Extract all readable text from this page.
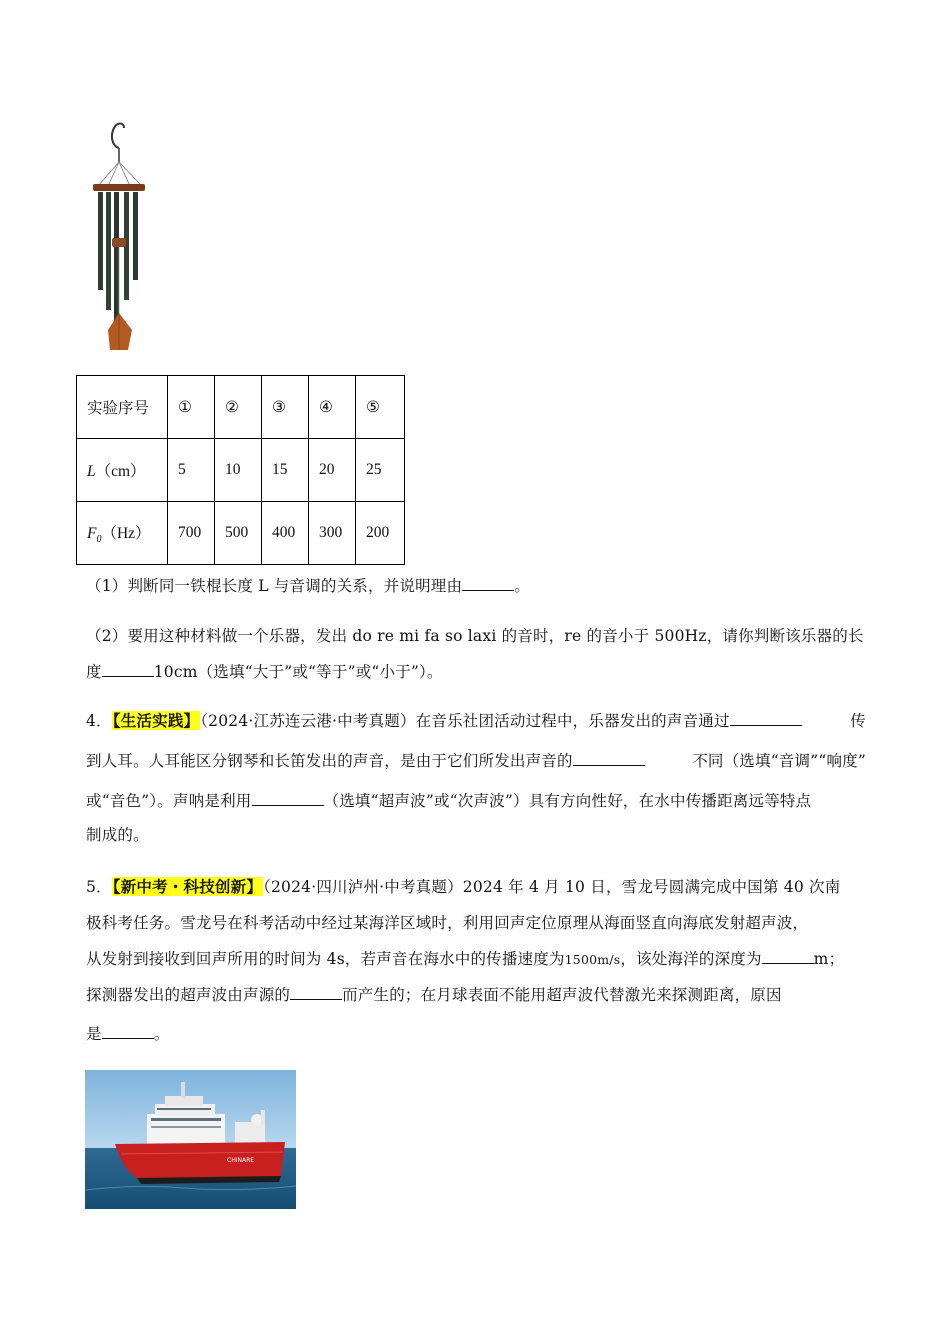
实验序号	①	②	③	④	⑤
L（cm）	5	10	15	20	25
$F_0(Hz)$	700	500	400	300	200
（1）判断同一铁棍长度 L 与音调的关系，并说明理由	。
（2）要用这种材料做一个乐器，发出 do re mi fa so laxi 的音时，re 的音小于 500Hz，请你判断该乐器的长
度	10cm（选填“大于”或“等于”或“小于”）。
4．【生活实践】（2024·江苏连云港·中考真题）在音乐社团活动过程中，乐器发出的声音通过	传
到人耳。人耳能区分钢琴和长笛发出的声音，是由于它们所发出声音的	不同（选填“音调”“响度”
或“音色”）。声呐是利用	（选填“超声波”或“次声波”）具有方向性好，在水中传播距离远等特点
制成的。
5．【新中考・科技创新】（2024·四川泸州·中考真题）2024 年 4 月 10 日，雪龙号圆满完成中国第 40 次南
极科考任务。雪龙号在科考活动中经过某海洋区域时，利用回声定位原理从海面竖直向海底发射超声波，
从发射到接收到回声所用的时间为 4s，若声音在海水中的传播速度为1500m/s，该处海洋的深度为	m；
探测器发出的超声波由声源的	而产生的；在月球表面不能用超声波代替激光来探测距离，原因
是	。
CHINARE
